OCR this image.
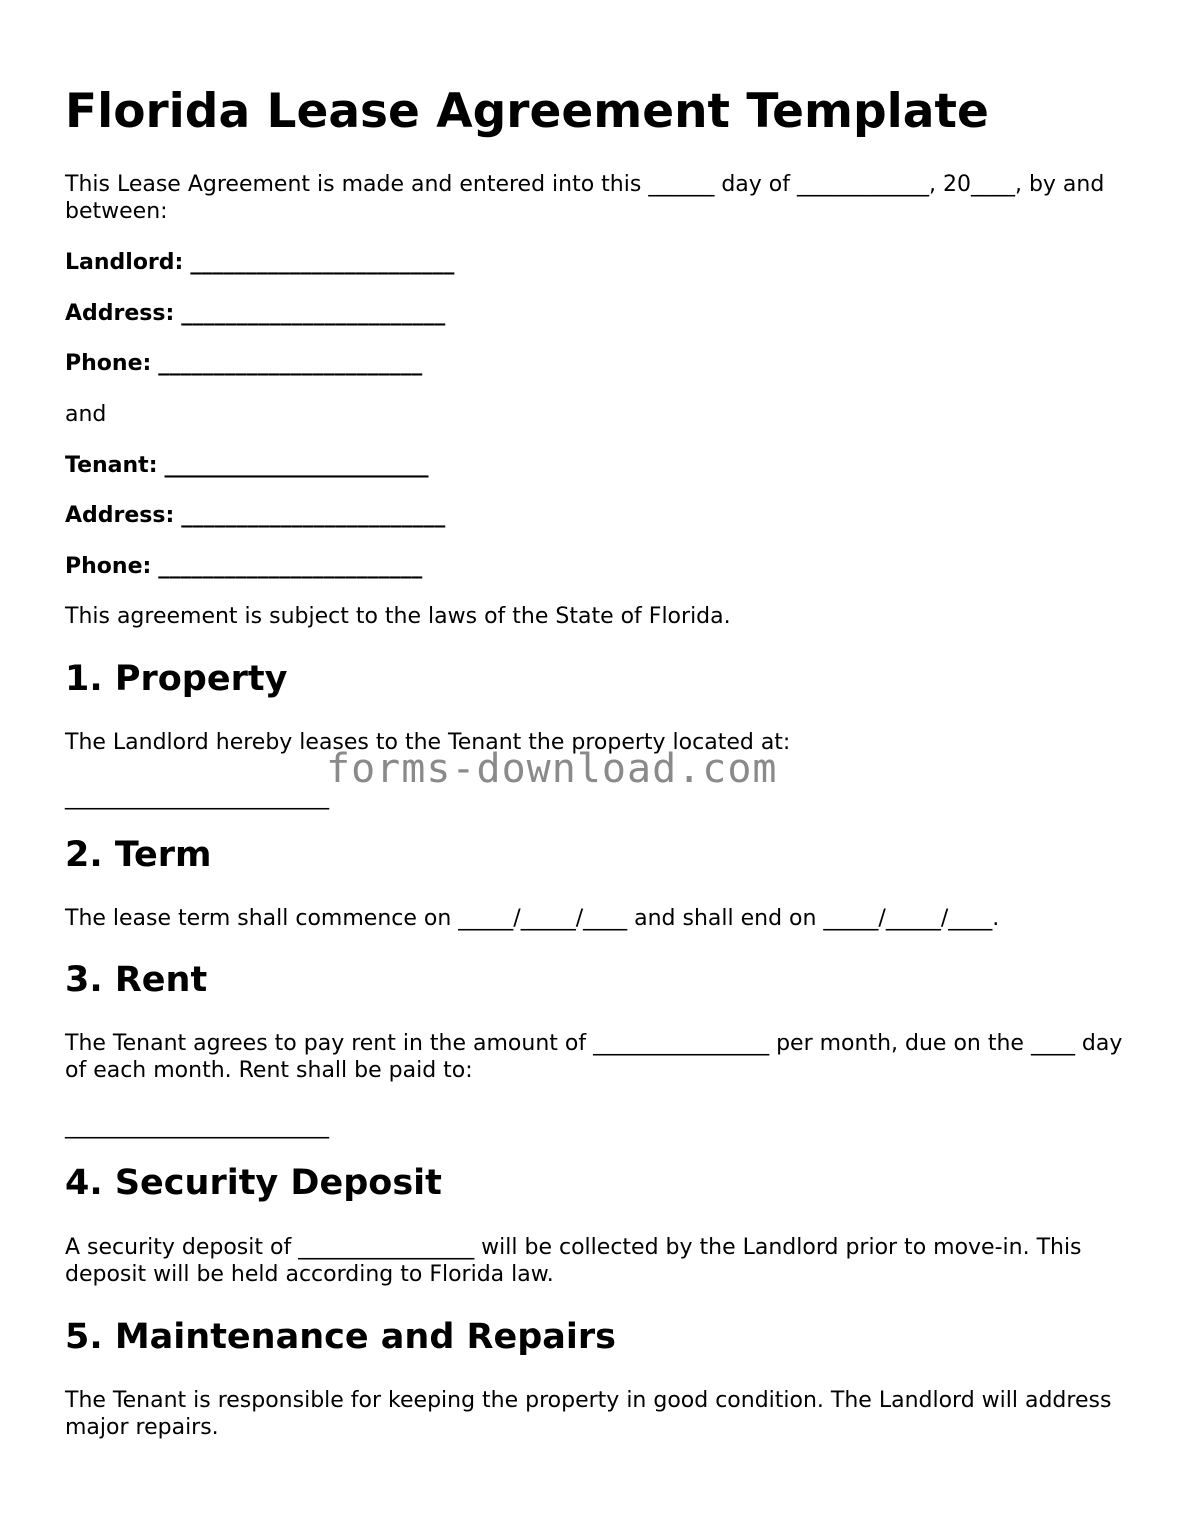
Florida Lease Agreement Template

This Lease Agreement is made and entered into this ______ day of ____________, 20____, by and between:

Landlord: ________________________

Address: ________________________

Phone: ________________________

and

Tenant: ________________________

Address: ________________________

Phone: ________________________

This agreement is subject to the laws of the State of Florida.

1. Property

The Landlord hereby leases to the Tenant the property located at:

________________________

2. Term

The lease term shall commence on _____/_____/____ and shall end on _____/_____/____.

3. Rent

The Tenant agrees to pay rent in the amount of ________________ per month, due on the ____ day of each month. Rent shall be paid to:

________________________

4. Security Deposit

A security deposit of ________________ will be collected by the Landlord prior to move-in. This deposit will be held according to Florida law.

5. Maintenance and Repairs

The Tenant is responsible for keeping the property in good condition. The Landlord will address major repairs.

forms-download.com
